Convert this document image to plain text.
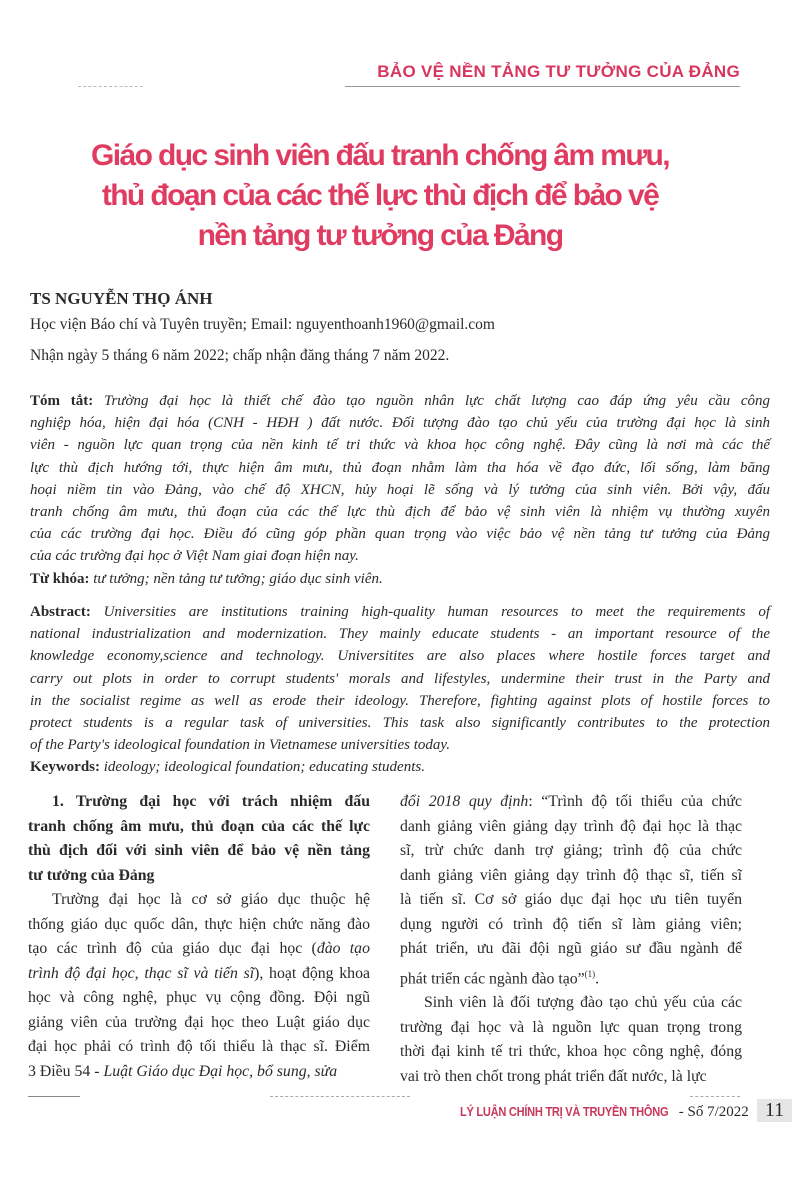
BẢO VỆ NỀN TẢNG TƯ TƯỞNG CỦA ĐẢNG
Giáo dục sinh viên đấu tranh chống âm mưu,
thủ đoạn của các thế lực thù địch để bảo vệ
nền tảng tư tưởng của Đảng
TS NGUYỄN THỌ ÁNH
Học viện Báo chí và Tuyên truyền; Email: nguyenthoanh1960@gmail.com
Nhận ngày 5 tháng 6 năm 2022; chấp nhận đăng tháng 7 năm 2022.
Tóm tắt: Trường đại học là thiết chế đào tạo nguồn nhân lực chất lượng cao đáp ứng yêu cầu công
nghiệp hóa, hiện đại hóa (CNH - HĐH ) đất nước. Đối tượng đào tạo chủ yếu của trường đại học là sinh
viên - nguồn lực quan trọng của nền kinh tế tri thức và khoa học công nghệ. Đây cũng là nơi mà các thế
lực thù địch hướng tới, thực hiện âm mưu, thủ đoạn nhằm làm tha hóa về đạo đức, lối sống, làm băng
hoại niềm tin vào Đảng, vào chế độ XHCN, hủy hoại lẽ sống và lý tưởng của sinh viên. Bởi vậy, đấu
tranh chống âm mưu, thủ đoạn của các thế lực thù địch để bảo vệ sinh viên là nhiệm vụ thường xuyên
của các trường đại học. Điều đó cũng góp phần quan trọng vào việc bảo vệ nền tảng tư tưởng của Đảng
của các trường đại học ở Việt Nam giai đoạn hiện nay.
Từ khóa: tư tưởng; nền tảng tư tưởng; giáo dục sinh viên.
Abstract: Universities are institutions training high-quality human resources to meet the requirements of
national industrialization and modernization. They mainly educate students - an important resource of the
knowledge economy,science and technology. Universitites are also places where hostile forces target and
carry out plots in order to corrupt students' morals and lifestyles, undermine their trust in the Party and
in the socialist regime as well as erode their ideology. Therefore, fighting against plots of hostile forces to
protect students is a regular task of universities. This task also significantly contributes to the protection
of the Party's ideological foundation in Vietnamese universities today.
Keywords: ideology; ideological foundation; educating students.
1. Trường đại học với trách nhiệm đấu
tranh chống âm mưu, thủ đoạn của các thế lực
thù địch đối với sinh viên để bảo vệ nền tảng
tư tưởng của Đảng
Trường đại học là cơ sở giáo dục thuộc hệ
thống giáo dục quốc dân, thực hiện chức năng đào
tạo các trình độ của giáo dục đại học (đào tạo
trình độ đại học, thạc sĩ và tiến sĩ), hoạt động khoa
học và công nghệ, phục vụ cộng đồng. Đội ngũ
giảng viên của trường đại học theo Luật giáo dục
đại học phải có trình độ tối thiểu là thạc sĩ. Điểm
3 Điều 54 - Luật Giáo dục Đại học, bổ sung, sửa
đổi 2018 quy định: “Trình độ tối thiểu của chức
danh giảng viên giảng dạy trình độ đại học là thạc
sĩ, trừ chức danh trợ giảng; trình độ của chức
danh giảng viên giảng dạy trình độ thạc sĩ, tiến sĩ
là tiến sĩ. Cơ sở giáo dục đại học ưu tiên tuyển
dụng người có trình độ tiến sĩ làm giảng viên;
phát triển, ưu đãi đội ngũ giáo sư đầu ngành để
phát triển các ngành đào tạo”$^{(1)}$.
Sinh viên là đối tượng đào tạo chủ yếu của các
trường đại học và là nguồn lực quan trọng trong
thời đại kinh tế tri thức, khoa học công nghệ, đóng
vai trò then chốt trong phát triển đất nước, là lực
LÝ LUẬN CHÍNH TRỊ VÀ TRUYỀN THÔNG - Số 7/2022 11
